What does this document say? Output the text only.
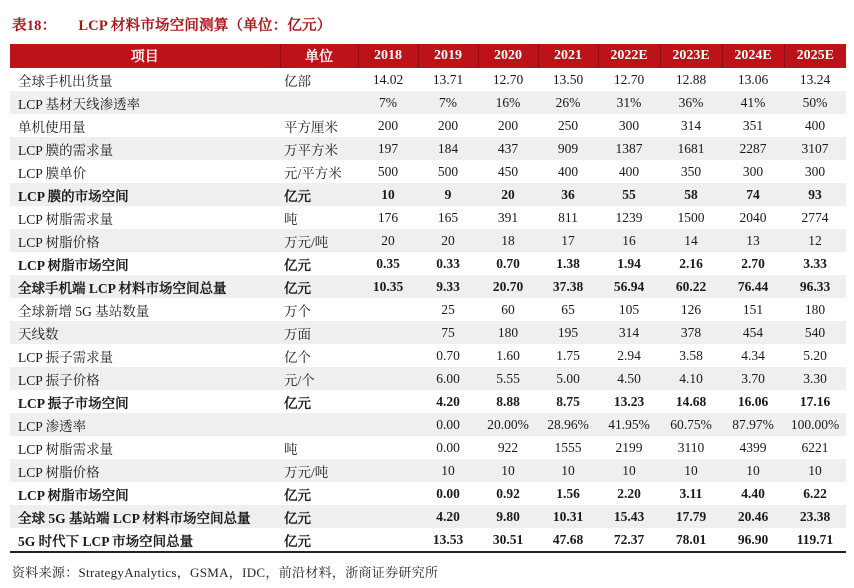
表18： LCP 材料市场空间测算（单位：亿元）
项目	单位	2018	2019	2020	2021	2022E	2023E	2024E	2025E
全球手机出货量	亿部	14.02	13.71	12.70	13.50	12.70	12.88	13.06	13.24
LCP 基材天线渗透率		7%	7%	16%	26%	31%	36%	41%	50%
单机使用量	平方厘米	200	200	200	250	300	314	351	400
LCP 膜的需求量	万平方米	197	184	437	909	1387	1681	2287	3107
LCP 膜单价	元/平方米	500	500	450	400	400	350	300	300
LCP 膜的市场空间	亿元	10	9	20	36	55	58	74	93
LCP 树脂需求量	吨	176	165	391	811	1239	1500	2040	2774
LCP 树脂价格	万元/吨	20	20	18	17	16	14	13	12
LCP 树脂市场空间	亿元	0.35	0.33	0.70	1.38	1.94	2.16	2.70	3.33
全球手机端 LCP 材料市场空间总量	亿元	10.35	9.33	20.70	37.38	56.94	60.22	76.44	96.33
全球新增 5G 基站数量	万个		25	60	65	105	126	151	180
天线数	万面		75	180	195	314	378	454	540
LCP 振子需求量	亿个		0.70	1.60	1.75	2.94	3.58	4.34	5.20
LCP 振子价格	元/个		6.00	5.55	5.00	4.50	4.10	3.70	3.30
LCP 振子市场空间	亿元		4.20	8.88	8.75	13.23	14.68	16.06	17.16
LCP 渗透率			0.00	20.00%	28.96%	41.95%	60.75%	87.97%	100.00%
LCP 树脂需求量	吨		0.00	922	1555	2199	3110	4399	6221
LCP 树脂价格	万元/吨		10	10	10	10	10	10	10
LCP 树脂市场空间	亿元		0.00	0.92	1.56	2.20	3.11	4.40	6.22
全球 5G 基站端 LCP 材料市场空间总量	亿元		4.20	9.80	10.31	15.43	17.79	20.46	23.38
5G 时代下 LCP 市场空间总量	亿元		13.53	30.51	47.68	72.37	78.01	96.90	119.71
资料来源：StrategyAnalytics，GSMA，IDC，前沿材料，浙商证券研究所
